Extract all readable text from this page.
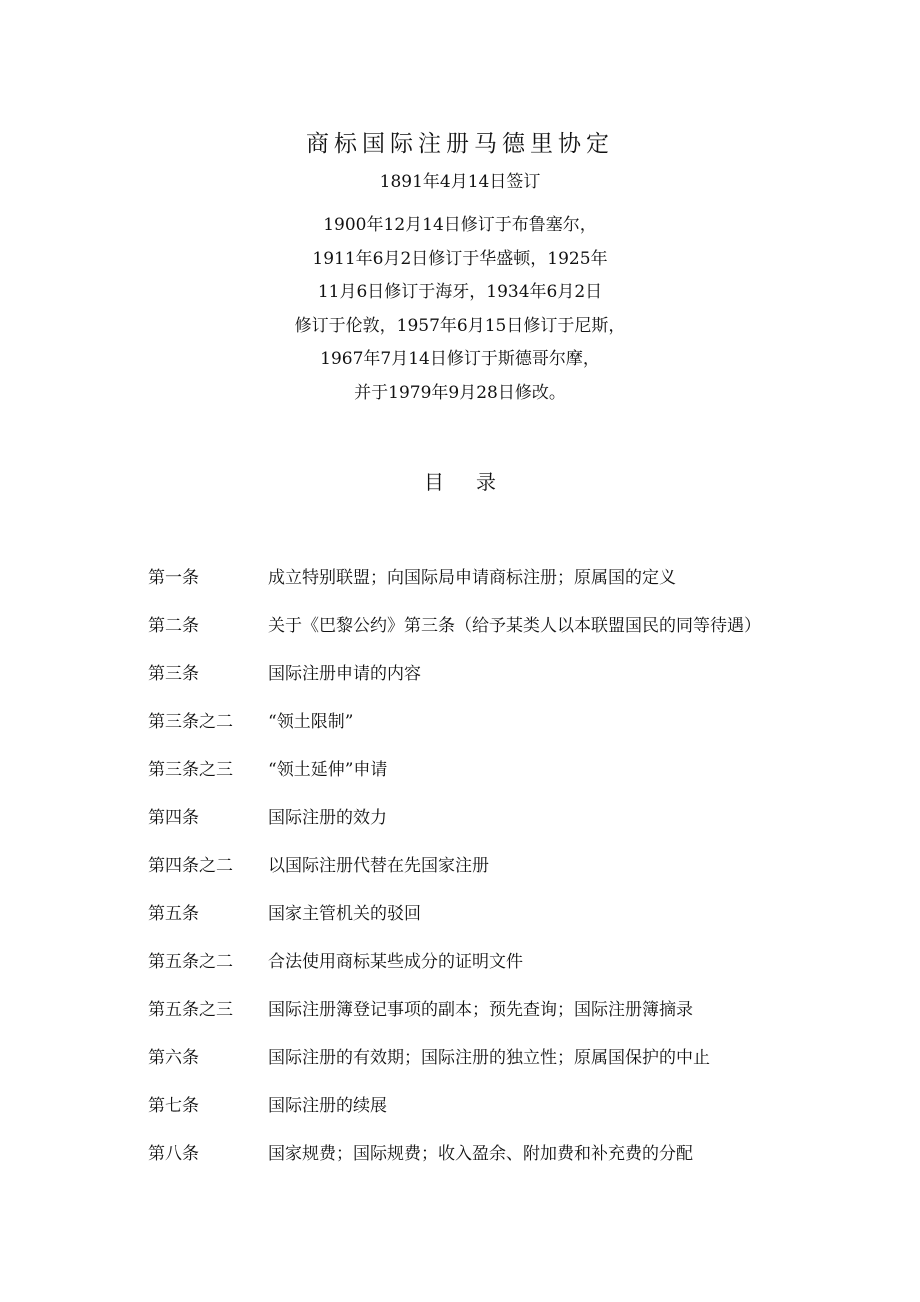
商标国际注册马德里协定
1891年4月14日签订
1900年12月14日修订于布鲁塞尔，
1911年6月2日修订于华盛顿，1925年
11月6日修订于海牙，1934年6月2日
修订于伦敦，1957年6月15日修订于尼斯，
1967年7月14日修订于斯德哥尔摩，
并于1979年9月28日修改。
目录
第一条	成立特别联盟；向国际局申请商标注册；原属国的定义
第二条	关于《巴黎公约》第三条（给予某类人以本联盟国民的同等待遇）
第三条	国际注册申请的内容
第三条之二	“领土限制”
第三条之三	“领土延伸”申请
第四条	国际注册的效力
第四条之二	以国际注册代替在先国家注册
第五条	国家主管机关的驳回
第五条之二	合法使用商标某些成分的证明文件
第五条之三	国际注册簿登记事项的副本；预先查询；国际注册簿摘录
第六条	国际注册的有效期；国际注册的独立性；原属国保护的中止
第七条	国际注册的续展
第八条	国家规费；国际规费；收入盈余、附加费和补充费的分配
